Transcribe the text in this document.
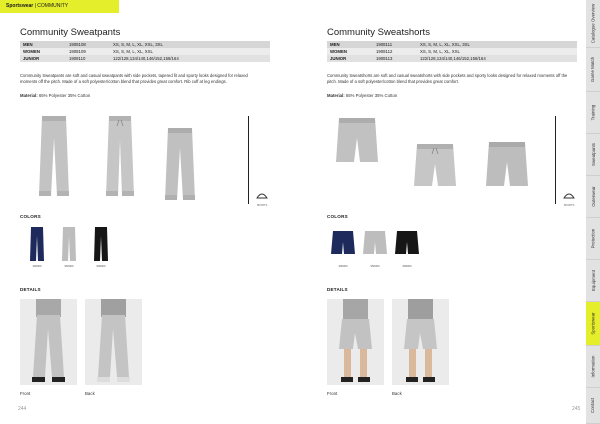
Sportswear | COMMUNITY
Community Sweatpants
MEN	1908108	XS, S, M, L, XL, XXL, 3XL
WOMEN	1908109	XS, S, M, L, XL, XXL
JUNIOR	1908110	122/128,134/140,146/152,158/164
Community Sweatpants are soft and casual sweatpants with side pockets, tapered fit and sporty looks designed for relaxed moments off the pitch. Made of a soft polyester/cotton blend that provides great comfort. Rib cuff at leg endings.
Material: 65% Polyester 35% Cotton
SPORTS
COLORS
390000	950000	999000
DETAILS
Front	Back
244
Community Sweatshorts
MEN	1908111	XS, S, M, L, XL, XXL, 3XL
WOMEN	1908112	XS, S, M, L, XL, XXL
JUNIOR	1908113	122/128,134/140,146/152,158/164
Community Sweatshorts are soft and casual sweatshorts with side pockets and sporty looks designed for relaxed moments off the pitch. Made of a soft polyester/cotton blend that provides great comfort.
Material: 65% Polyester 35% Cotton
SPORTS
COLORS
390000	950000	999000
DETAILS
Front	Back
245
Catalogue Overview
Game Match
Training
Sweatpants
Outerwear
Protection
Equipment
Sportswear
Information
Contact
